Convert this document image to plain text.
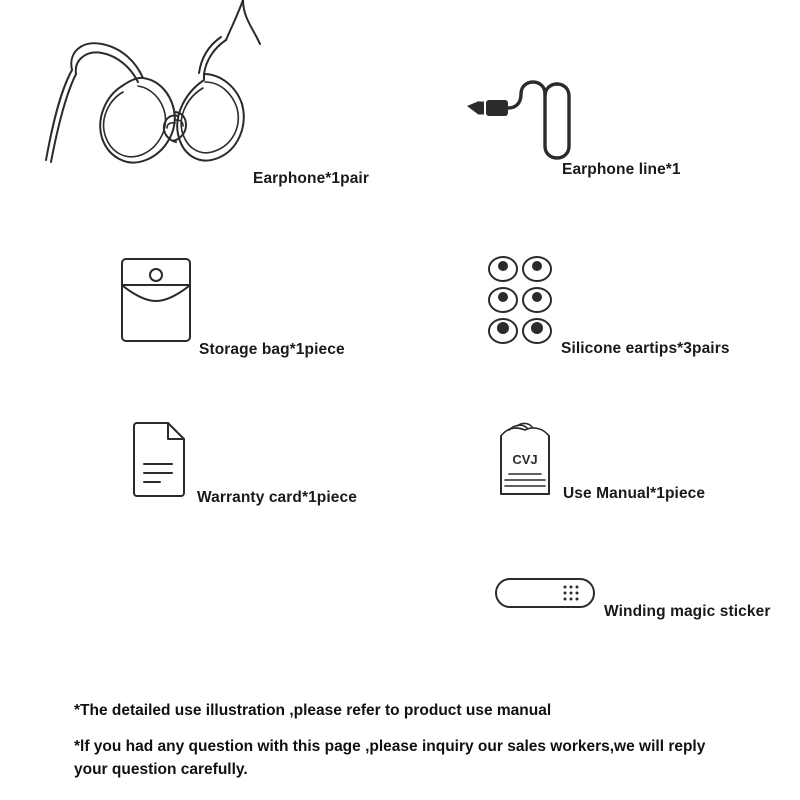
Earphone*1pair
Earphone line*1
Storage bag*1piece	Silicone eartips*3pairs
Warranty card*1piece
CVJ
Use Manual*1piece
Winding magic sticker
*The detailed use illustration ,please refer to product use manual
*lf you had any question with this page ,please inquiry our sales workers,we will reply your question carefully.
